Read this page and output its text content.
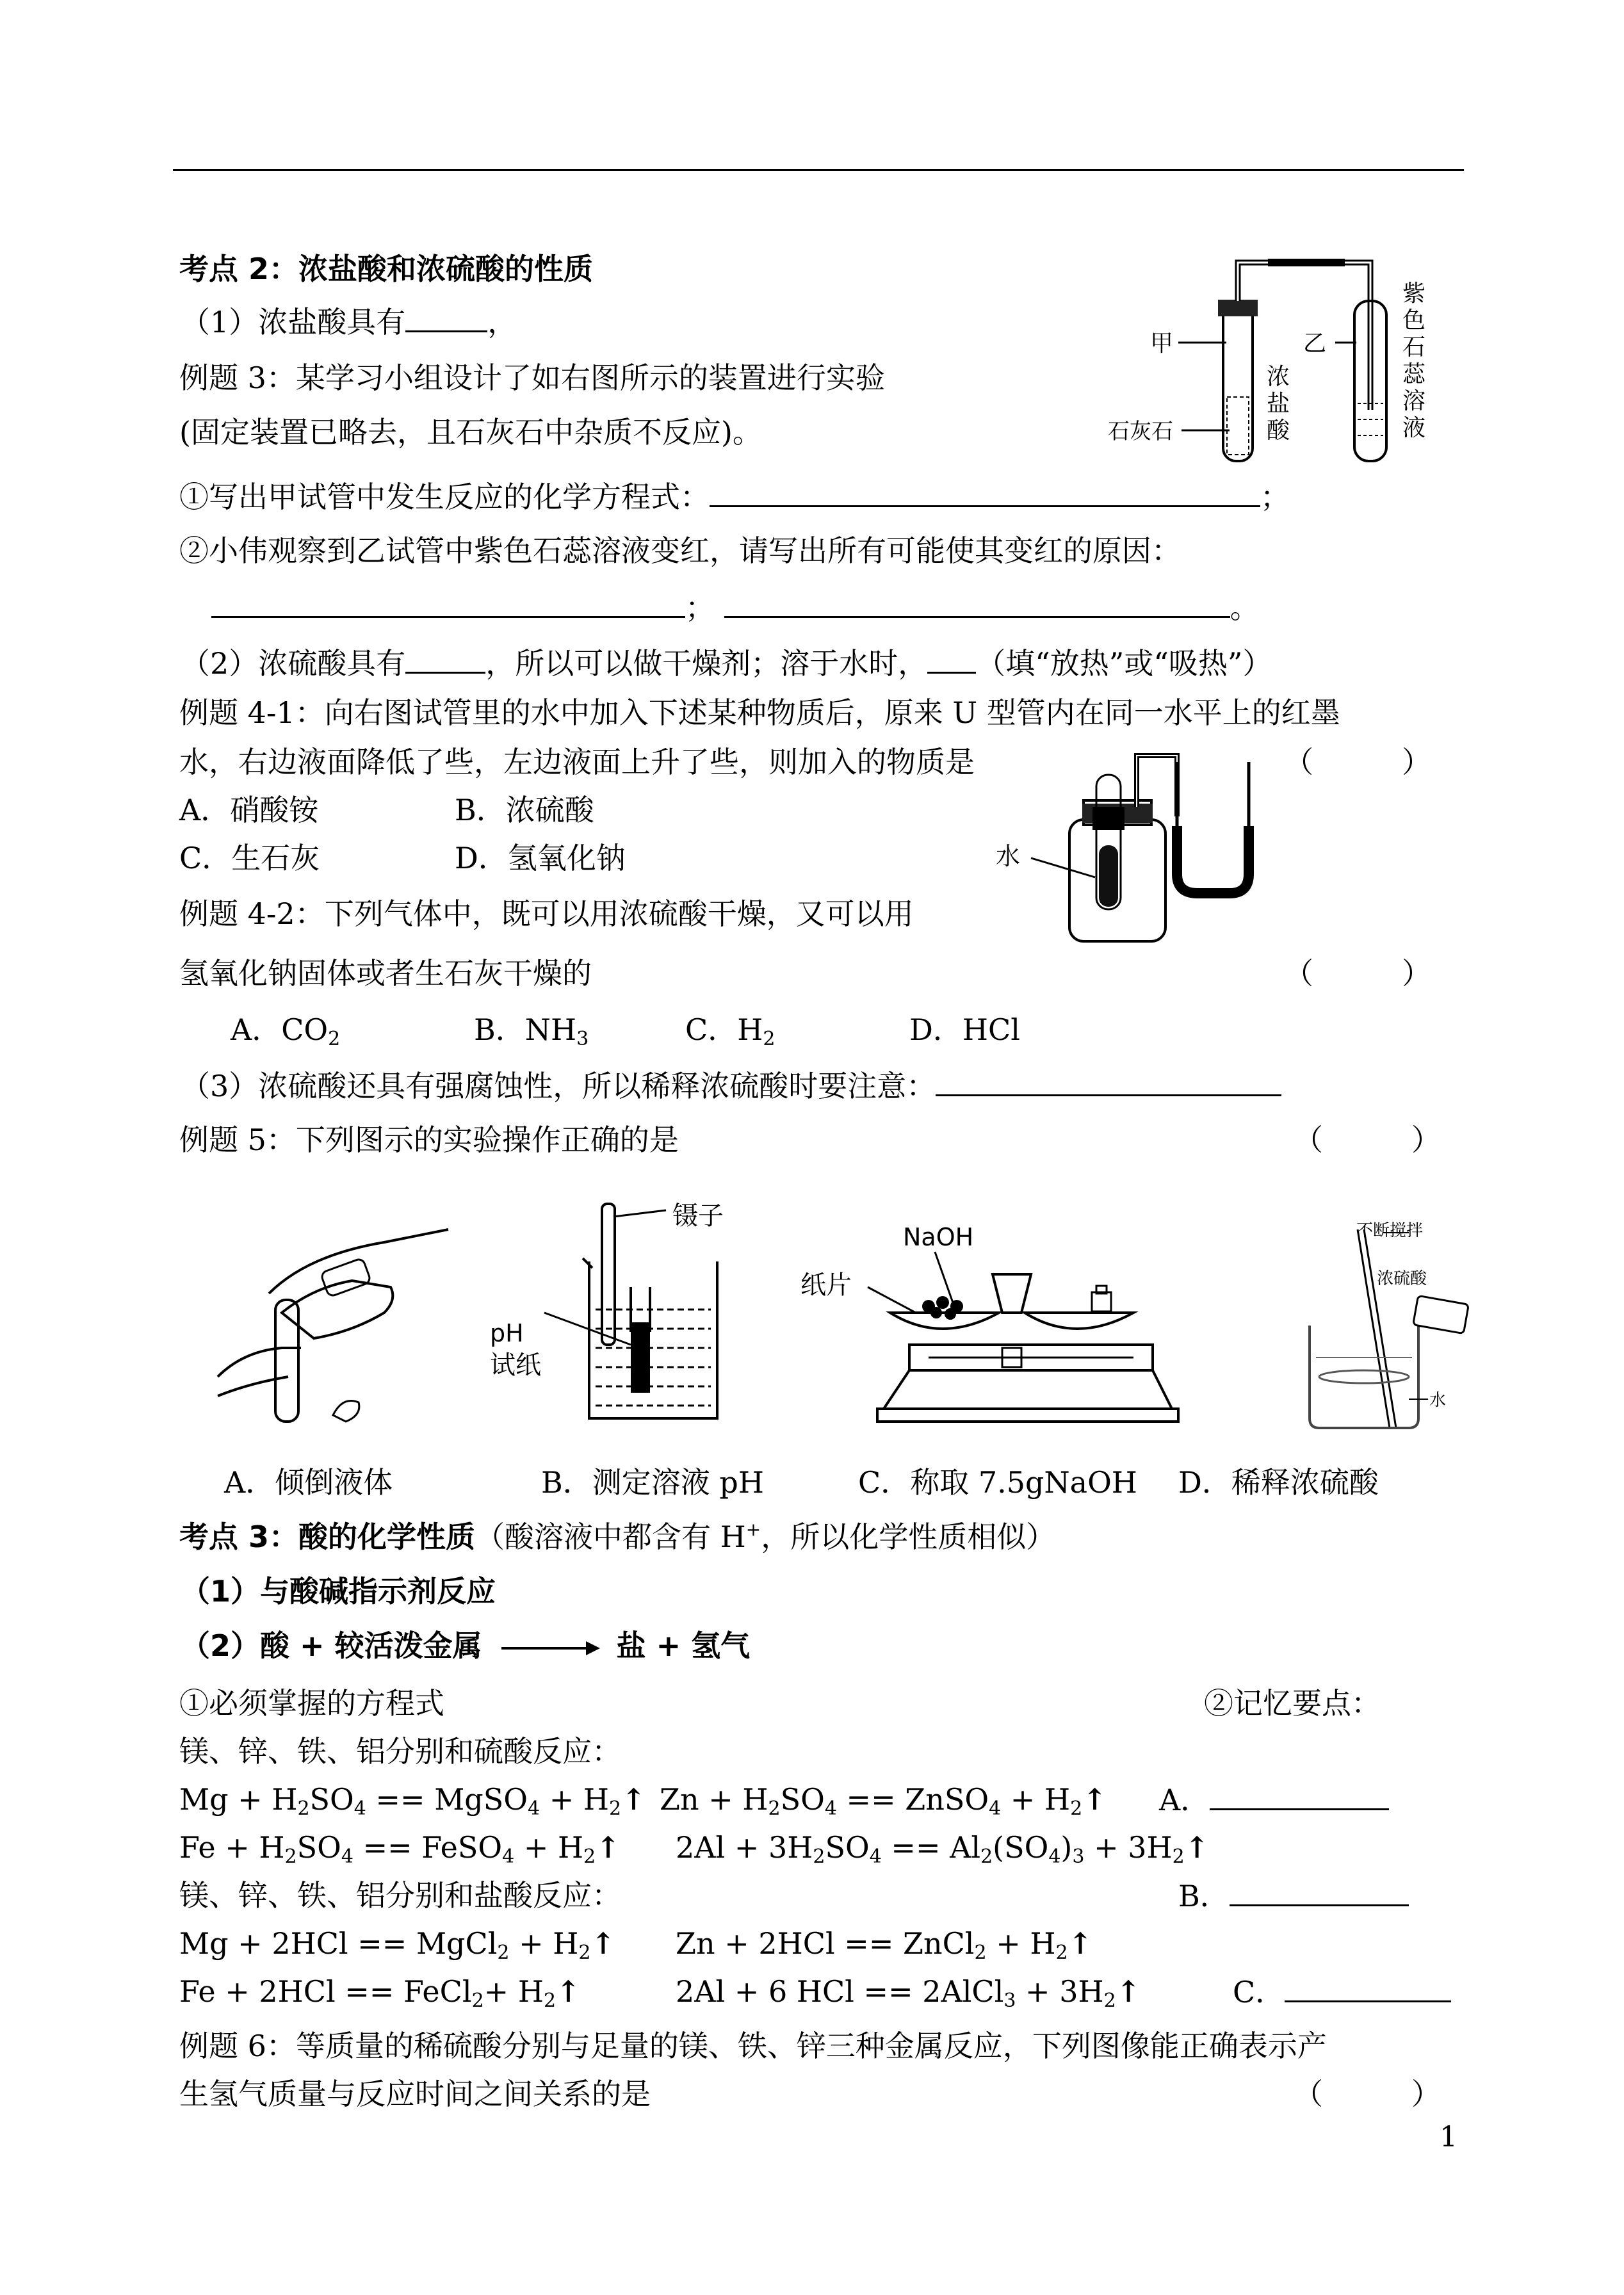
考点 2：浓盐酸和浓硫酸的性质
（1）浓盐酸具有	，
例题 3：某学习小组设计了如右图所示的装置进行实验
(固定装置已略去，且石灰石中杂质不反应)。
①写出甲试管中发生反应的化学方程式：	；
②小伟观察到乙试管中紫色石蕊溶液变红，请写出所有可能使其变红的原因：
；	。
（2）浓硫酸具有	，所以可以做干燥剂；溶于水时， （填“放热”或“吸热”）
例题 4-1：向右图试管里的水中加入下述某种物质后，原来 U 型管内在同一水平上的红墨
水，右边液面降低了些，左边液面上升了些，则加入的物质是	（　　　）
A．硝酸铵	B．浓硫酸
C．生石灰	D．氢氧化钠
例题 4-2：下列气体中，既可以用浓硫酸干燥，又可以用
氢氧化钠固体或者生石灰干燥的	（　　　）
A．$CO_2$	B．$NH_3$	C．$H_2$	D．HCl
（3）浓硫酸还具有强腐蚀性，所以稀释浓硫酸时要注意：
例题 5：下列图示的实验操作正确的是	（　　　）
甲	乙
石灰石
浓
盐
酸
紫
色
石
蕊
溶
液
水
镊子
pH
试纸
NaOH
纸片
不断搅拌
浓硫酸
水
A．倾倒液体	B．测定溶液 pH	C．称取 7.5gNaOH D．稀释浓硫酸
考点 3：酸的化学性质（酸溶液中都含有 H+，所以化学性质相似）
（1）与酸碱指示剂反应
（2）酸 + 较活泼金属	盐 + 氢气
①必须掌握的方程式	②记忆要点：
镁、锌、铁、铝分别和硫酸反应：
$Mg + H_2SO_4$ == MgSO$_4$ + $H_2↑$ $Zn + H_2SO_4$ == ZnSO$_4$ + $H_2↑$ A．
$Fe + H_2SO_4$ == FeSO$_4$ + $H_2↑$ $2Al + 3H_2SO_4 == Al_2(SO_4)_3$ + $3H_2↑$
镁、锌、铁、铝分别和盐酸反应：	B．
Mg + 2HCl == MgCl$_2$ + $H_2↑$ Zn + 2HCl == ZnCl$_2$ + $H_2↑$
Fe + 2HCl == FeCl$_2$+ $H_2↑$	2Al + 6 HCl == 2AlCl$_3$ + $3H_2↑$	C．
例题 6：等质量的稀硫酸分别与足量的镁、铁、锌三种金属反应，下列图像能正确表示产
生氢气质量与反应时间之间关系的是	（　　　）
1
